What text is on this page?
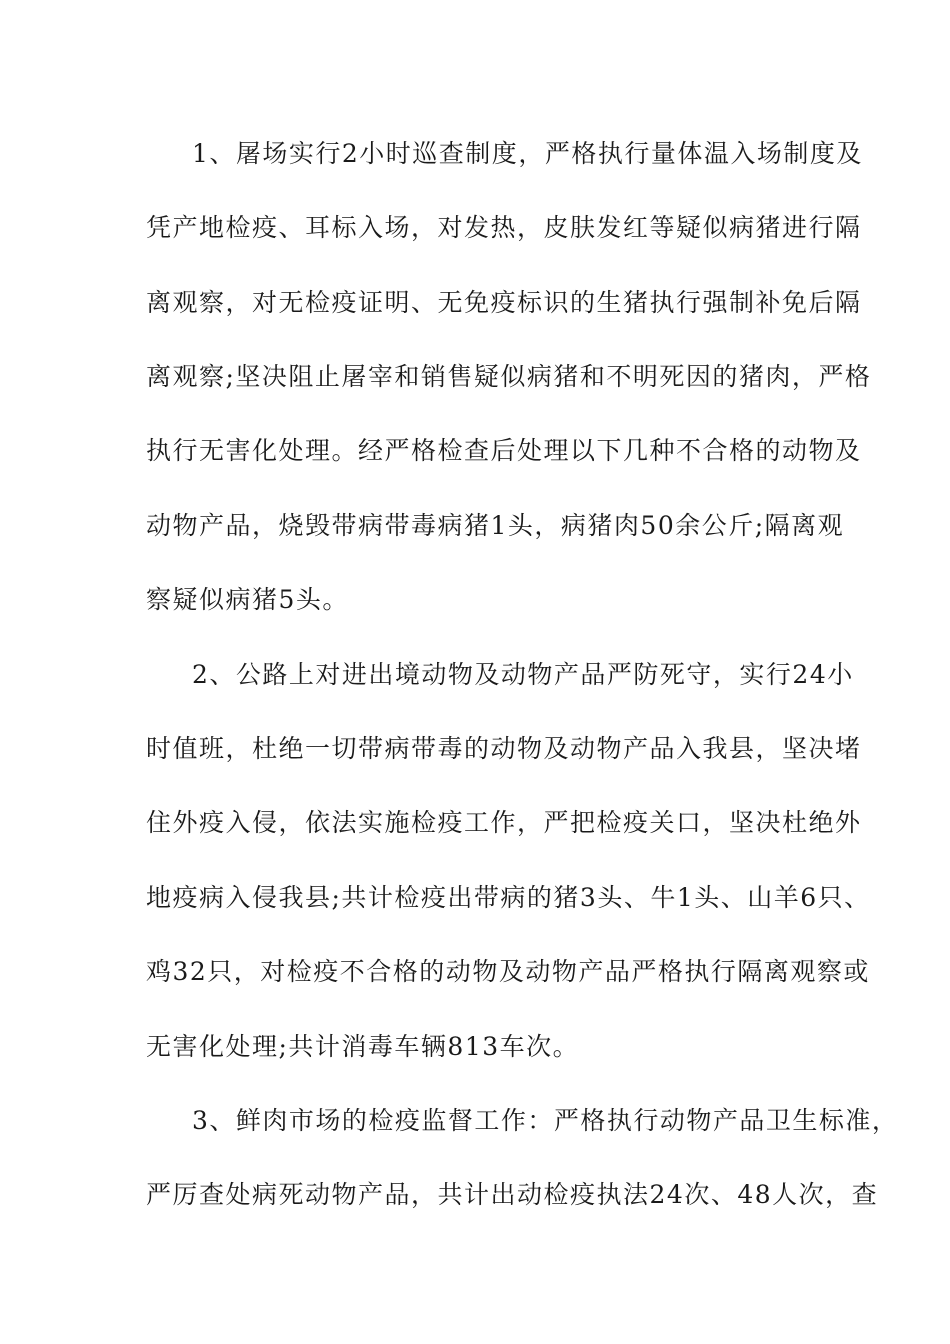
1、屠场实行2小时巡查制度，严格执行量体温入场制度及
凭产地检疫、耳标入场，对发热，皮肤发红等疑似病猪进行隔
离观察，对无检疫证明、无免疫标识的生猪执行强制补免后隔
离观察;坚决阻止屠宰和销售疑似病猪和不明死因的猪肉，严格
执行无害化处理。经严格检查后处理以下几种不合格的动物及
动物产品，烧毁带病带毒病猪1头，病猪肉50余公斤;隔离观
察疑似病猪5头。
2、公路上对进出境动物及动物产品严防死守，实行24小
时值班，杜绝一切带病带毒的动物及动物产品入我县，坚决堵
住外疫入侵，依法实施检疫工作，严把检疫关口，坚决杜绝外
地疫病入侵我县;共计检疫出带病的猪3头、牛1头、山羊6只、
鸡32只，对检疫不合格的动物及动物产品严格执行隔离观察或
无害化处理;共计消毒车辆813车次。
3、鲜肉市场的检疫监督工作：严格执行动物产品卫生标准，
严厉查处病死动物产品，共计出动检疫执法24次、48人次，查
